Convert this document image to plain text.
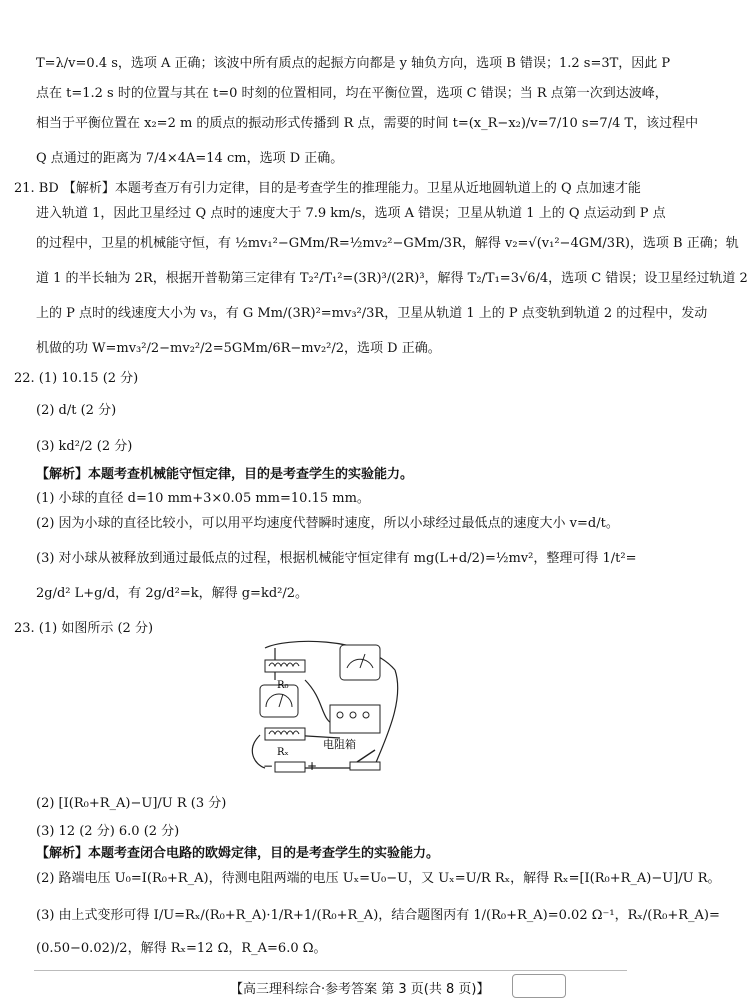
T=λ/v=0.4 s，选项 A 正确；该波中所有质点的起振方向都是 y 轴负方向，选项 B 错误；1.2 s=3T，因此 P
点在 t=1.2 s 时的位置与其在 t=0 时刻的位置相同，均在平衡位置，选项 C 错误；当 R 点第一次到达波峰，
相当于平衡位置在 x₂=2 m 的质点的振动形式传播到 R 点，需要的时间 t=(x_R−x₂)/v=7/10 s=7/4 T，该过程中
Q 点通过的距离为 7/4×4A=14 cm，选项 D 正确。
21. BD 【解析】本题考查万有引力定律，目的是考查学生的推理能力。卫星从近地圆轨道上的 Q 点加速才能
进入轨道 1，因此卫星经过 Q 点时的速度大于 7.9 km/s，选项 A 错误；卫星从轨道 1 上的 Q 点运动到 P 点
的过程中，卫星的机械能守恒，有 ½mv₁²−GMm/R=½mv₂²−GMm/3R，解得 v₂=√(v₁²−4GM/3R)，选项 B 正确；轨
道 1 的半长轴为 2R，根据开普勒第三定律有 T₂²/T₁²=(3R)³/(2R)³，解得 T₂/T₁=3√6/4，选项 C 错误；设卫星经过轨道 2
上的 P 点时的线速度大小为 v₃，有 G Mm/(3R)²=mv₃²/3R，卫星从轨道 1 上的 P 点变轨到轨道 2 的过程中，发动
机做的功 W=mv₃²/2−mv₂²/2=5GMm/6R−mv₂²/2，选项 D 正确。
22. (1) 10.15 (2 分)
(2) d/t (2 分)
(3) kd²/2 (2 分)
【解析】本题考查机械能守恒定律，目的是考查学生的实验能力。
(1) 小球的直径 d=10 mm+3×0.05 mm=10.15 mm。
(2) 因为小球的直径比较小，可以用平均速度代替瞬时速度，所以小球经过最低点的速度大小 v=d/t。
(3) 对小球从被释放到通过最低点的过程，根据机械能守恒定律有 mg(L+d/2)=½mv²，整理可得 1/t²=
2g/d² L+g/d，有 2g/d²=k，解得 g=kd²/2。
23. (1) 如图所示 (2 分)
R₀
Rₓ
电阻箱
−	+
(2) [I(R₀+R_A)−U]/U R (3 分)
(3) 12 (2 分) 6.0 (2 分)
【解析】本题考查闭合电路的欧姆定律，目的是考查学生的实验能力。
(2) 路端电压 U₀=I(R₀+R_A)，待测电阻两端的电压 Uₓ=U₀−U，又 Uₓ=U/R Rₓ，解得 Rₓ=[I(R₀+R_A)−U]/U R。
(3) 由上式变形可得 I/U=Rₓ/(R₀+R_A)·1/R+1/(R₀+R_A)，结合题图丙有 1/(R₀+R_A)=0.02 Ω⁻¹，Rₓ/(R₀+R_A)=
(0.50−0.02)/2，解得 Rₓ=12 Ω，R_A=6.0 Ω。
【高三理科综合·参考答案 第 3 页(共 8 页)】
